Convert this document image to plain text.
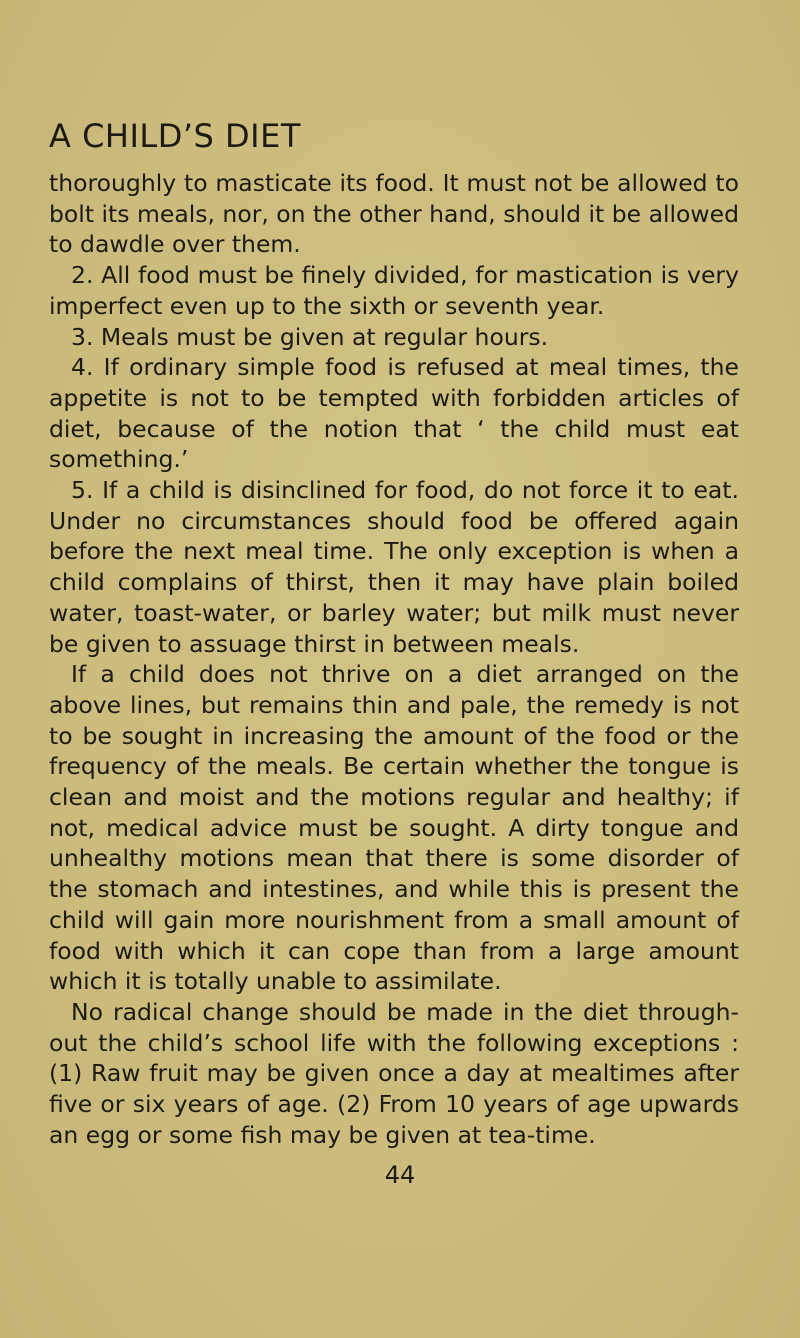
A CHILD’S DIET

thoroughly to masticate its food. It must not be allowed to bolt its meals, nor, on the other hand, should it be allowed to dawdle over them.

2. All food must be finely divided, for mastication is very imperfect even up to the sixth or seventh year.

3. Meals must be given at regular hours.

4. If ordinary simple food is refused at meal times, the appetite is not to be tempted with forbidden articles of diet, because of the notion that ‘ the child must eat something.’

5. If a child is disinclined for food, do not force it to eat. Under no circumstances should food be offered again before the next meal time. The only exception is when a child complains of thirst, then it may have plain boiled water, toast-water, or barley water; but milk must never be given to assuage thirst in between meals.

If a child does not thrive on a diet arranged on the above lines, but remains thin and pale, the remedy is not to be sought in increasing the amount of the food or the frequency of the meals. Be certain whether the tongue is clean and moist and the motions regular and healthy; if not, medical advice must be sought. A dirty tongue and unhealthy motions mean that there is some disorder of the stomach and intestines, and while this is present the child will gain more nourishment from a small amount of food with which it can cope than from a large amount which it is totally unable to assimilate.

No radical change should be made in the diet through- out the child’s school life with the following exceptions : (1) Raw fruit may be given once a day at mealtimes after five or six years of age. (2) From 10 years of age upwards an egg or some fish may be given at tea-time.

44
